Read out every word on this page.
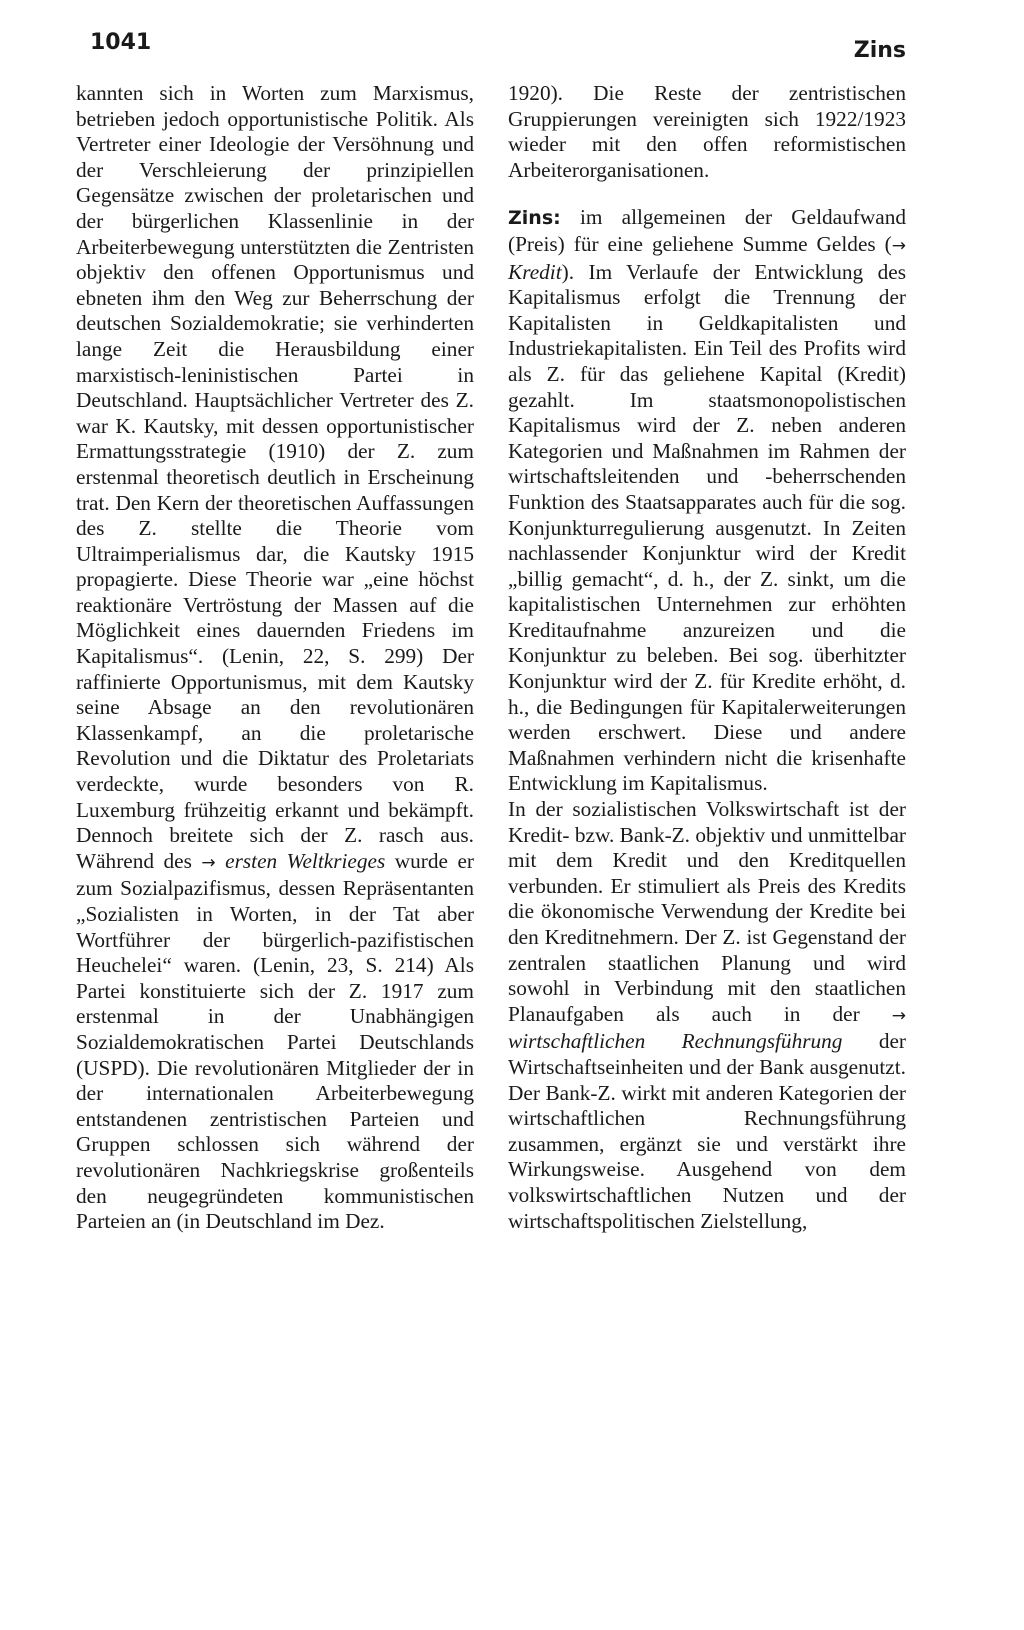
1041	Zins

kannten sich in Worten zum Marxismus, betrieben jedoch opportunistische Politik. Als Vertreter einer Ideologie der Versöhnung und der Verschleierung der prinzipiellen Gegensätze zwischen der proletarischen und der bürgerlichen Klassenlinie in der Arbeiterbewegung unterstützten die Zentristen objektiv den offenen Opportunismus und ebneten ihm den Weg zur Beherrschung der deutschen Sozialdemokratie; sie verhinderten lange Zeit die Herausbildung einer marxistisch-leninistischen Partei in Deutschland. Hauptsächlicher Vertreter des Z. war K. Kautsky, mit dessen opportunistischer Ermattungsstrategie (1910) der Z. zum erstenmal theoretisch deutlich in Erscheinung trat. Den Kern der theoretischen Auffassungen des Z. stellte die Theorie vom Ultraimperialismus dar, die Kautsky 1915 propagierte. Diese Theorie war „eine höchst reaktionäre Vertröstung der Massen auf die Möglichkeit eines dauernden Friedens im Kapitalismus“. (Lenin, 22, S. 299) Der raffinierte Opportunismus, mit dem Kautsky seine Absage an den revolutionären Klassenkampf, an die proletarische Revolution und die Diktatur des Proletariats verdeckte, wurde besonders von R. Luxemburg frühzeitig erkannt und bekämpft. Dennoch breitete sich der Z. rasch aus. Während des → ersten Weltkrieges wurde er zum Sozialpazifismus, dessen Repräsentanten „Sozialisten in Worten, in der Tat aber Wortführer der bürgerlich-pazifistischen Heuchelei“ waren. (Lenin, 23, S. 214) Als Partei konstituierte sich der Z. 1917 zum erstenmal in der Unabhängigen Sozialdemokratischen Partei Deutschlands (USPD). Die revolutionären Mitglieder der in der internationalen Arbeiterbewegung entstandenen zentristischen Parteien und Gruppen schlossen sich während der revolutionären Nachkriegskrise großenteils den neugegründeten kommunistischen Parteien an (in Deutschland im Dez.

1920). Die Reste der zentristischen Gruppierungen vereinigten sich 1922/1923 wieder mit den offen reformistischen Arbeiterorganisationen.

Zins: im allgemeinen der Geldaufwand (Preis) für eine geliehene Summe Geldes (→ Kredit). Im Verlaufe der Entwicklung des Kapitalismus erfolgt die Trennung der Kapitalisten in Geldkapitalisten und Industriekapitalisten. Ein Teil des Profits wird als Z. für das geliehene Kapital (Kredit) gezahlt. Im staatsmonopolistischen Kapitalismus wird der Z. neben anderen Kategorien und Maßnahmen im Rahmen der wirtschaftsleitenden und -beherrschenden Funktion des Staatsapparates auch für die sog. Konjunkturregulierung ausgenutzt. In Zeiten nachlassender Konjunktur wird der Kredit „billig gemacht“, d. h., der Z. sinkt, um die kapitalistischen Unternehmen zur erhöhten Kreditaufnahme anzureizen und die Konjunktur zu beleben. Bei sog. überhitzter Konjunktur wird der Z. für Kredite erhöht, d. h., die Bedingungen für Kapitalerweiterungen werden erschwert. Diese und andere Maßnahmen verhindern nicht die krisenhafte Entwicklung im Kapitalismus.

In der sozialistischen Volkswirtschaft ist der Kredit- bzw. Bank-Z. objektiv und unmittelbar mit dem Kredit und den Kreditquellen verbunden. Er stimuliert als Preis des Kredits die ökonomische Verwendung der Kredite bei den Kreditnehmern. Der Z. ist Gegenstand der zentralen staatlichen Planung und wird sowohl in Verbindung mit den staatlichen Planaufgaben als auch in der → wirtschaftlichen Rechnungsführung der Wirtschaftseinheiten und der Bank ausgenutzt. Der Bank-Z. wirkt mit anderen Kategorien der wirtschaftlichen Rechnungsführung zusammen, ergänzt sie und verstärkt ihre Wirkungsweise. Ausgehend von dem volkswirtschaftlichen Nutzen und der wirtschaftspolitischen Zielstellung,
